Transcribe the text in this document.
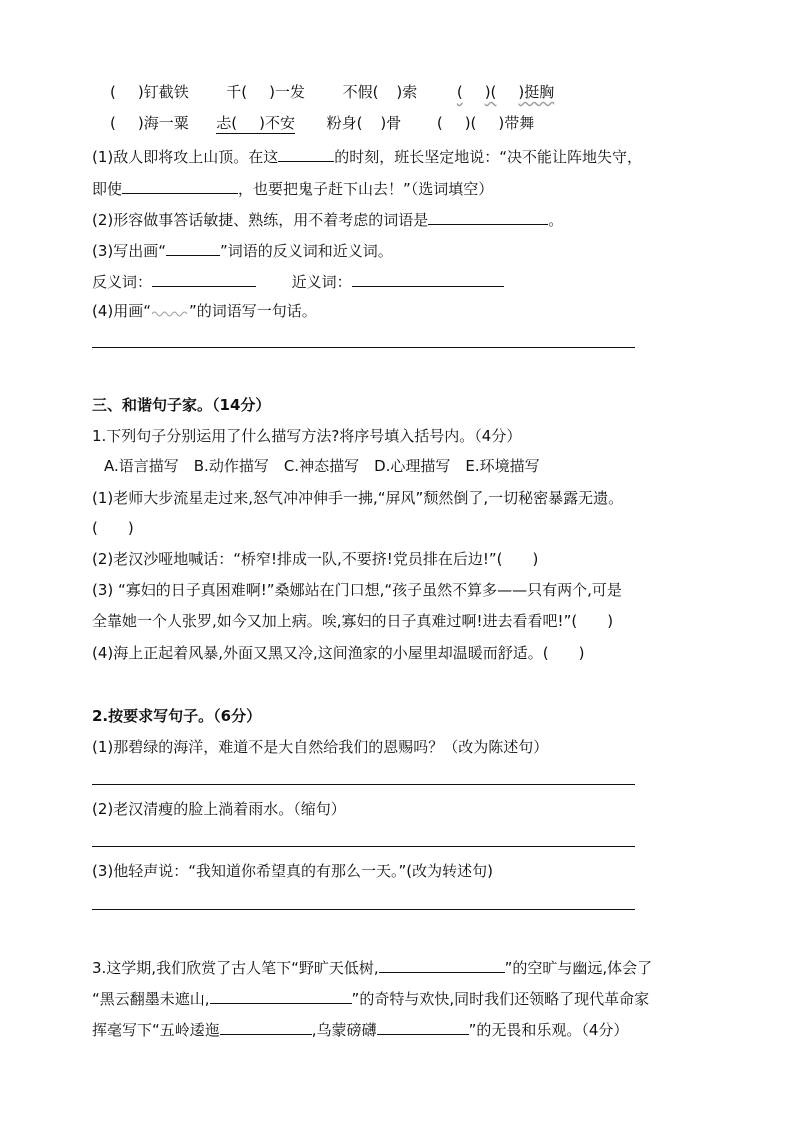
( )钉截铁	千( )一发	不假( )索	( )( )挺胸
( )海一粟 忐( )不安 粉身( )骨 ( )( )带舞
(1)敌人即将攻上山顶。在这	的时刻，班长坚定地说：“决不能让阵地失守，
即使	，也要把鬼子赶下山去！”（选词填空）
(2)形容做事答话敏捷、熟练，用不着考虑的词语是	。
(3)写出画“	”词语的反义词和近义词。
反义词：	近义词：
(4)用画“	”的词语写一句话。
三、和谐句子家。（14分）
1.下列句子分别运用了什么描写方法?将序号填入括号内。（4分）
A.语言描写　B.动作描写　C.神态描写　D.心理描写　E.环境描写
(1)老师大步流星走过来,怒气冲冲伸手一拂,“屏风”颓然倒了,一切秘密暴露无遗。
(　　)
(2)老汉沙哑地喊话：“桥窄!排成一队,不要挤!党员排在后边!”(　　)
(3) “寡妇的日子真困难啊!”桑娜站在门口想,“孩子虽然不算多——只有两个,可是
全靠她一个人张罗,如今又加上病。唉,寡妇的日子真难过啊!进去看看吧!”(　　)
(4)海上正起着风暴,外面又黑又冷,这间渔家的小屋里却温暖而舒适。(　　)
2.按要求写句子。（6分）
(1)那碧绿的海洋，难道不是大自然给我们的恩赐吗？（改为陈述句）
(2)老汉清瘦的脸上淌着雨水。（缩句）
(3)他轻声说：“我知道你希望真的有那么一天。”(改为转述句)
3.这学期,我们欣赏了古人笔下“野旷天低树,	”的空旷与幽远,体会了
“黑云翻墨未遮山,	”的奇特与欢快,同时我们还领略了现代革命家
挥毫写下“五岭逶迤	,乌蒙磅礴	”的无畏和乐观。（4分）
